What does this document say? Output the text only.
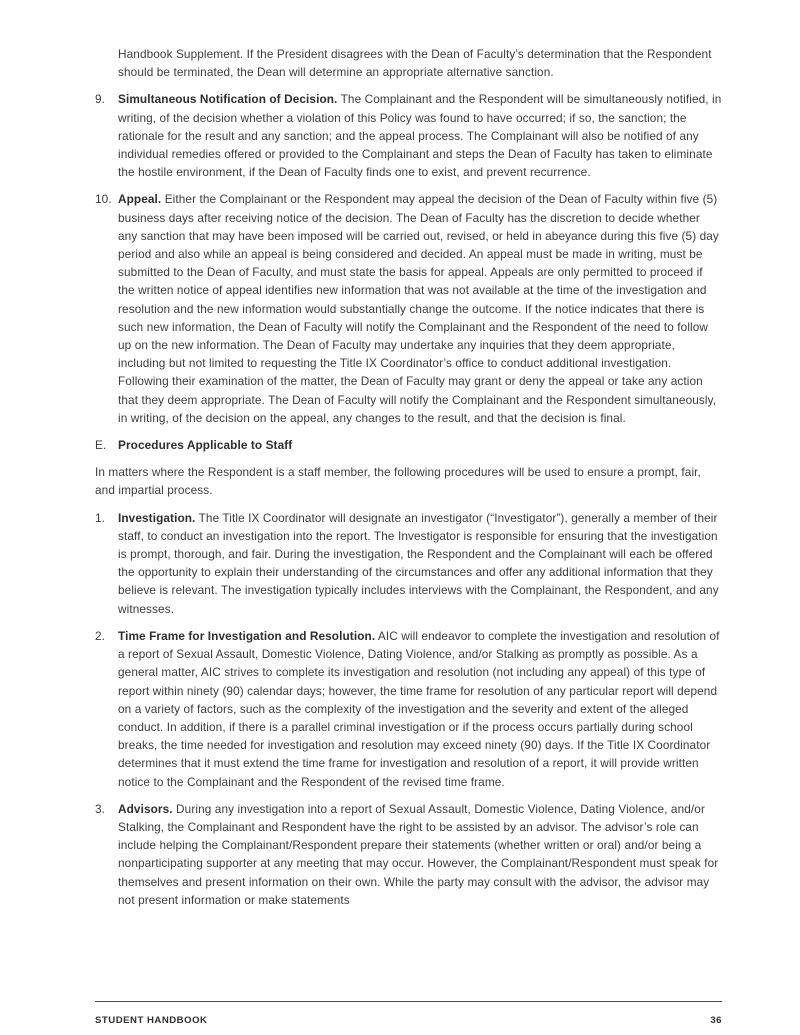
Handbook Supplement. If the President disagrees with the Dean of Faculty’s determination that the Respondent should be terminated, the Dean will determine an appropriate alternative sanction.

9.	Simultaneous Notification of Decision. The Complainant and the Respondent will be simultaneously notified, in writing, of the decision whether a violation of this Policy was found to have occurred; if so, the sanction; the rationale for the result and any sanction; and the appeal process. The Complainant will also be notified of any individual remedies offered or provided to the Complainant and steps the Dean of Faculty has taken to eliminate the hostile environment, if the Dean of Faculty finds one to exist, and prevent recurrence.

10. Appeal. Either the Complainant or the Respondent may appeal the decision of the Dean of Faculty within five (5) business days after receiving notice of the decision. The Dean of Faculty has the discretion to decide whether any sanction that may have been imposed will be carried out, revised, or held in abeyance during this five (5) day period and also while an appeal is being considered and decided. An appeal must be made in writing, must be submitted to the Dean of Faculty, and must state the basis for appeal. Appeals are only permitted to proceed if the written notice of appeal identifies new information that was not available at the time of the investigation and resolution and the new information would substantially change the outcome. If the notice indicates that there is such new information, the Dean of Faculty will notify the Complainant and the Respondent of the need to follow up on the new information. The Dean of Faculty may undertake any inquiries that they deem appropriate, including but not limited to requesting the Title IX Coordinator’s office to conduct additional investigation. Following their examination of the matter, the Dean of Faculty may grant or deny the appeal or take any action that they deem appropriate. The Dean of Faculty will notify the Complainant and the Respondent simultaneously, in writing, of the decision on the appeal, any changes to the result, and that the decision is final.

E. Procedures Applicable to Staff

In matters where the Respondent is a staff member, the following procedures will be used to ensure a prompt, fair, and impartial process.

1.	Investigation. The Title IX Coordinator will designate an investigator (“Investigator”), generally a member of their staff, to conduct an investigation into the report. The Investigator is responsible for ensuring that the investigation is prompt, thorough, and fair. During the investigation, the Respondent and the Complainant will each be offered the opportunity to explain their understanding of the circumstances and offer any additional information that they believe is relevant. The investigation typically includes interviews with the Complainant, the Respondent, and any witnesses.

2.	Time Frame for Investigation and Resolution. AIC will endeavor to complete the investigation and resolution of a report of Sexual Assault, Domestic Violence, Dating Violence, and/or Stalking as promptly as possible. As a general matter, AIC strives to complete its investigation and resolution (not including any appeal) of this type of report within ninety (90) calendar days; however, the time frame for resolution of any particular report will depend on a variety of factors, such as the complexity of the investigation and the severity and extent of the alleged conduct. In addition, if there is a parallel criminal investigation or if the process occurs partially during school breaks, the time needed for investigation and resolution may exceed ninety (90) days. If the Title IX Coordinator determines that it must extend the time frame for investigation and resolution of a report, it will provide written notice to the Complainant and the Respondent of the revised time frame.

3.	Advisors. During any investigation into a report of Sexual Assault, Domestic Violence, Dating Violence, and/or Stalking, the Complainant and Respondent have the right to be assisted by an advisor. The advisor’s role can include helping the Complainant/Respondent prepare their statements (whether written or oral) and/or being a nonparticipating supporter at any meeting that may occur. However, the Complainant/Respondent must speak for themselves and present information on their own. While the party may consult with the advisor, the advisor may not present information or make statements

STUDENT HANDBOOK	36
